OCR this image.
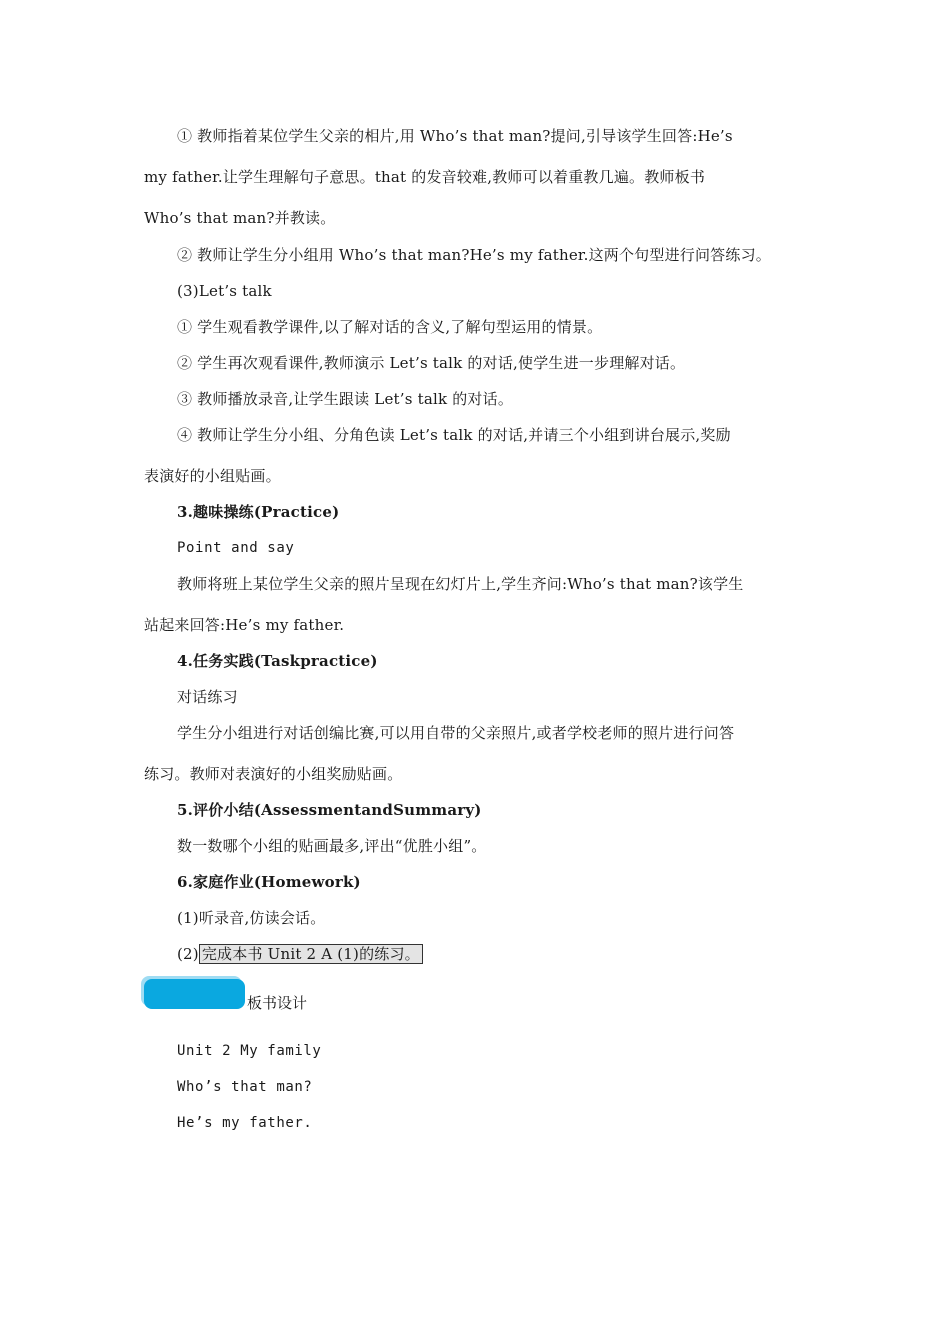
① 教师指着某位学生父亲的相片,用 Who’s that man?提问,引导该学生回答:He’s
my father.让学生理解句子意思。that 的发音较难,教师可以着重教几遍。教师板书
Who’s that man?并教读。
② 教师让学生分小组用 Who’s that man?He’s my father.这两个句型进行问答练习。
(3)Let’s talk
① 学生观看教学课件,以了解对话的含义,了解句型运用的情景。
② 学生再次观看课件,教师演示 Let’s talk 的对话,使学生进一步理解对话。
③ 教师播放录音,让学生跟读 Let’s talk 的对话。
④ 教师让学生分小组、分角色读 Let’s talk 的对话,并请三个小组到讲台展示,奖励
表演好的小组贴画。
3.趣味操练(Practice)
Point and say
教师将班上某位学生父亲的照片呈现在幻灯片上,学生齐问:Who’s that man?该学生
站起来回答:He’s my father.
4.任务实践(Taskpractice)
对话练习
学生分小组进行对话创编比赛,可以用自带的父亲照片,或者学校老师的照片进行问答
练习。教师对表演好的小组奖励贴画。
5.评价小结(AssessmentandSummary)
数一数哪个小组的贴画最多,评出“优胜小组”。
6.家庭作业(Homework)
(1)听录音,仿读会话。
(2) 完成本书 Unit 2 A (1)的练习。
板书设计
Unit 2 My family
Who’s that man?
He’s my father.
